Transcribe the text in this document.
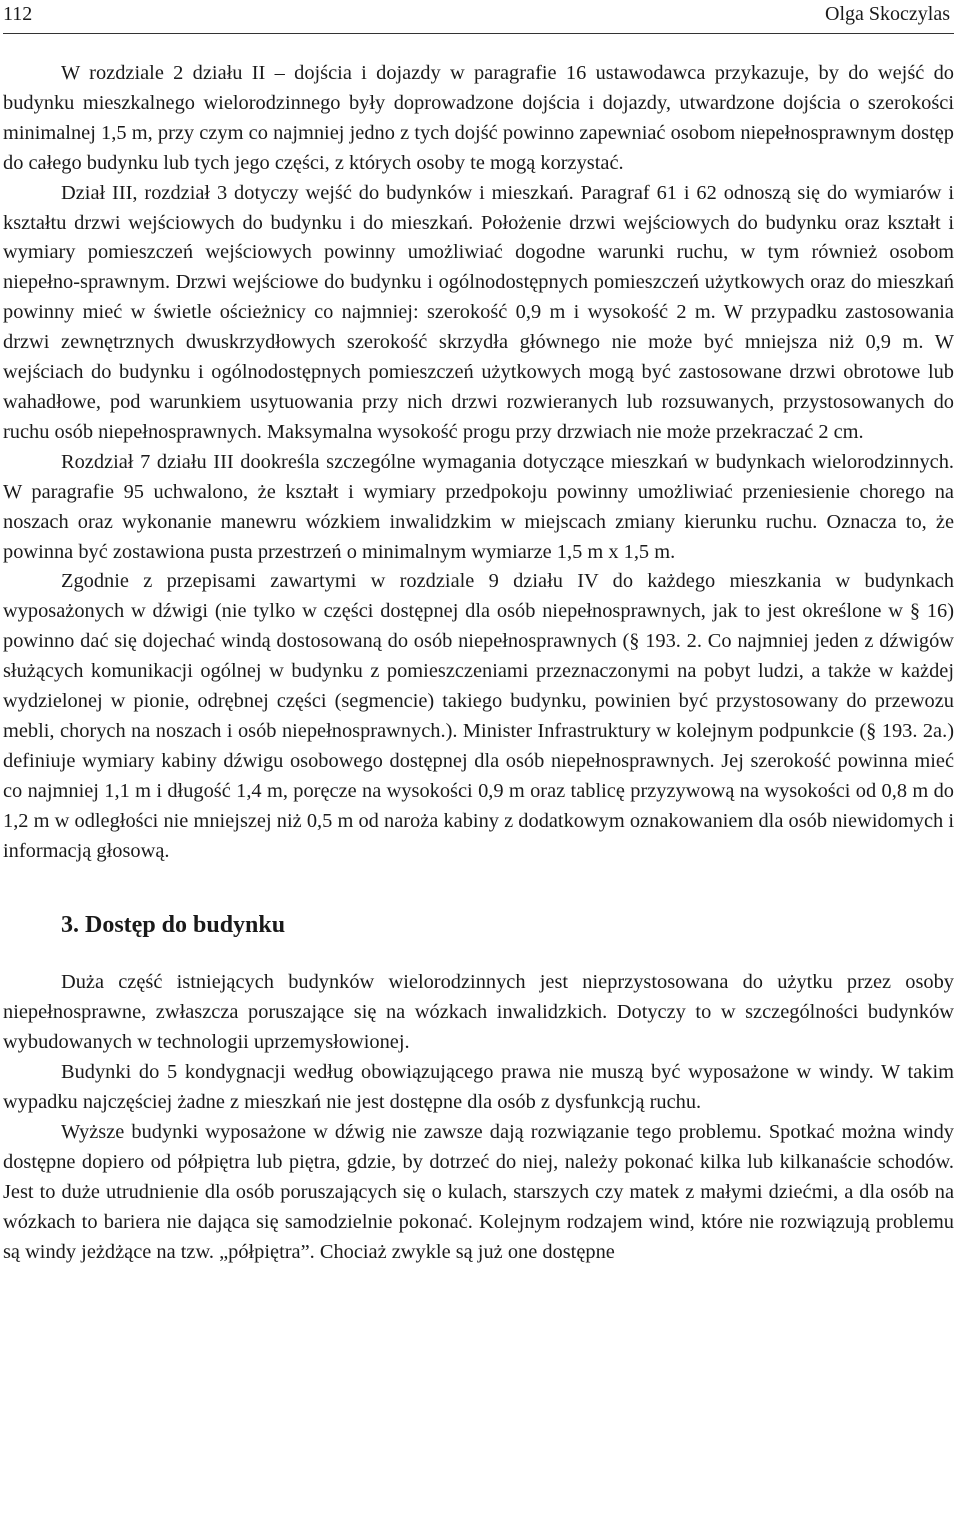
112	Olga Skoczylas

W rozdziale 2 działu II – dojścia i dojazdy w paragrafie 16 ustawodawca przykazuje, by do wejść do budynku mieszkalnego wielorodzinnego były doprowadzone dojścia i dojazdy, utwardzone dojścia o szerokości minimalnej 1,5 m, przy czym co najmniej jedno z tych dojść powinno zapewniać osobom niepełnosprawnym dostęp do całego budynku lub tych jego części, z których osoby te mogą korzystać.

Dział III, rozdział 3 dotyczy wejść do budynków i mieszkań. Paragraf 61 i 62 odnoszą się do wymiarów i kształtu drzwi wejściowych do budynku i do mieszkań. Położenie drzwi wejściowych do budynku oraz kształt i wymiary pomieszczeń wejściowych powinny umożliwiać dogodne warunki ruchu, w tym również osobom niepełno-sprawnym. Drzwi wejściowe do budynku i ogólnodostępnych pomieszczeń użytkowych oraz do mieszkań powinny mieć w świetle ościeżnicy co najmniej: szerokość 0,9 m i wysokość 2 m. W przypadku zastosowania drzwi zewnętrznych dwuskrzydłowych szerokość skrzydła głównego nie może być mniejsza niż 0,9 m. W wejściach do budynku i ogólnodostępnych pomieszczeń użytkowych mogą być zastosowane drzwi obrotowe lub wahadłowe, pod warunkiem usytuowania przy nich drzwi rozwieranych lub rozsuwanych, przystosowanych do ruchu osób niepełnosprawnych. Maksymalna wysokość progu przy drzwiach nie może przekraczać 2 cm.

Rozdział 7 działu III dookreśla szczególne wymagania dotyczące mieszkań w budynkach wielorodzinnych. W paragrafie 95 uchwalono, że kształt i wymiary przedpokoju powinny umożliwiać przeniesienie chorego na noszach oraz wykonanie manewru wózkiem inwalidzkim w miejscach zmiany kierunku ruchu. Oznacza to, że powinna być zostawiona pusta przestrzeń o minimalnym wymiarze 1,5 m x 1,5 m.

Zgodnie z przepisami zawartymi w rozdziale 9 działu IV do każdego mieszkania w budynkach wyposażonych w dźwigi (nie tylko w części dostępnej dla osób niepełnosprawnych, jak to jest określone w § 16) powinno dać się dojechać windą dostosowaną do osób niepełnosprawnych (§ 193. 2. Co najmniej jeden z dźwigów służących komunikacji ogólnej w budynku z pomieszczeniami przeznaczonymi na pobyt ludzi, a także w każdej wydzielonej w pionie, odrębnej części (segmencie) takiego budynku, powinien być przystosowany do przewozu mebli, chorych na noszach i osób niepełnosprawnych.). Minister Infrastruktury w kolejnym podpunkcie (§ 193. 2a.) definiuje wymiary kabiny dźwigu osobowego dostępnej dla osób niepełnosprawnych. Jej szerokość powinna mieć co najmniej 1,1 m i długość 1,4 m, poręcze na wysokości 0,9 m oraz tablicę przyzywową na wysokości od 0,8 m do 1,2 m w odległości nie mniejszej niż 0,5 m od naroża kabiny z dodatkowym oznakowaniem dla osób niewidomych i informacją głosową.

3. Dostęp do budynku

Duża część istniejących budynków wielorodzinnych jest nieprzystosowana do użytku przez osoby niepełnosprawne, zwłaszcza poruszające się na wózkach inwalidzkich. Dotyczy to w szczególności budynków wybudowanych w technologii uprzemysłowionej.

Budynki do 5 kondygnacji według obowiązującego prawa nie muszą być wyposażone w windy. W takim wypadku najczęściej żadne z mieszkań nie jest dostępne dla osób z dysfunkcją ruchu.

Wyższe budynki wyposażone w dźwig nie zawsze dają rozwiązanie tego problemu. Spotkać można windy dostępne dopiero od półpiętra lub piętra, gdzie, by dotrzeć do niej, należy pokonać kilka lub kilkanaście schodów. Jest to duże utrudnienie dla osób poruszających się o kulach, starszych czy matek z małymi dziećmi, a dla osób na wózkach to bariera nie dająca się samodzielnie pokonać. Kolejnym rodzajem wind, które nie rozwiązują problemu są windy jeżdżące na tzw. „półpiętra”. Chociaż zwykle są już one dostępne
